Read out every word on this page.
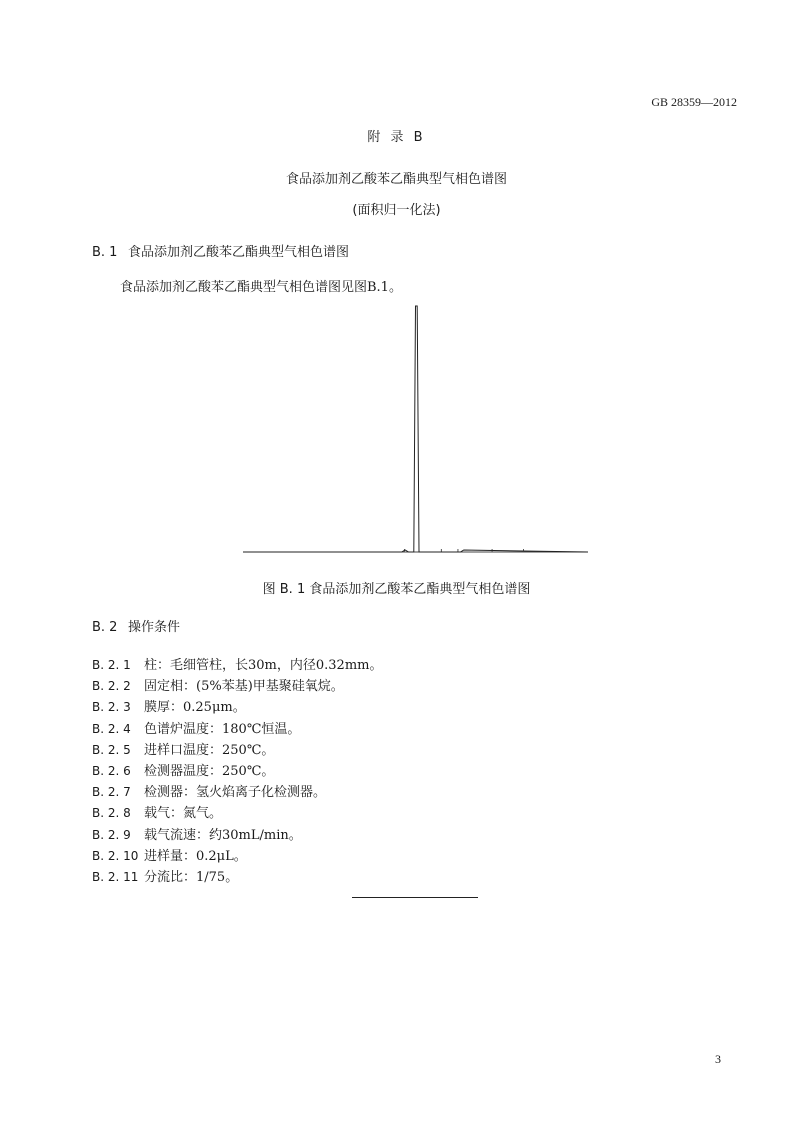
GB 28359—2012
附 录 B
食品添加剂乙酸苯乙酯典型气相色谱图
(面积归一化法)
B. 1 食品添加剂乙酸苯乙酯典型气相色谱图
食品添加剂乙酸苯乙酯典型气相色谱图见图B.1。
图 B. 1 食品添加剂乙酸苯乙酯典型气相色谱图
B. 2 操作条件
B. 2. 1 柱：毛细管柱，长30m，内径0.32mm。
B. 2. 2 固定相：(5%苯基)甲基聚硅氧烷。
B. 2. 3 膜厚：0.25μm。
B. 2. 4 色谱炉温度：180℃恒温。
B. 2. 5 进样口温度：250℃。
B. 2. 6 检测器温度：250℃。
B. 2. 7 检测器：氢火焰离子化检测器。
B. 2. 8 载气：氮气。
B. 2. 9 载气流速：约30mL/min。
B. 2. 10 进样量：0.2μL。
B. 2. 11 分流比：1/75。
3
